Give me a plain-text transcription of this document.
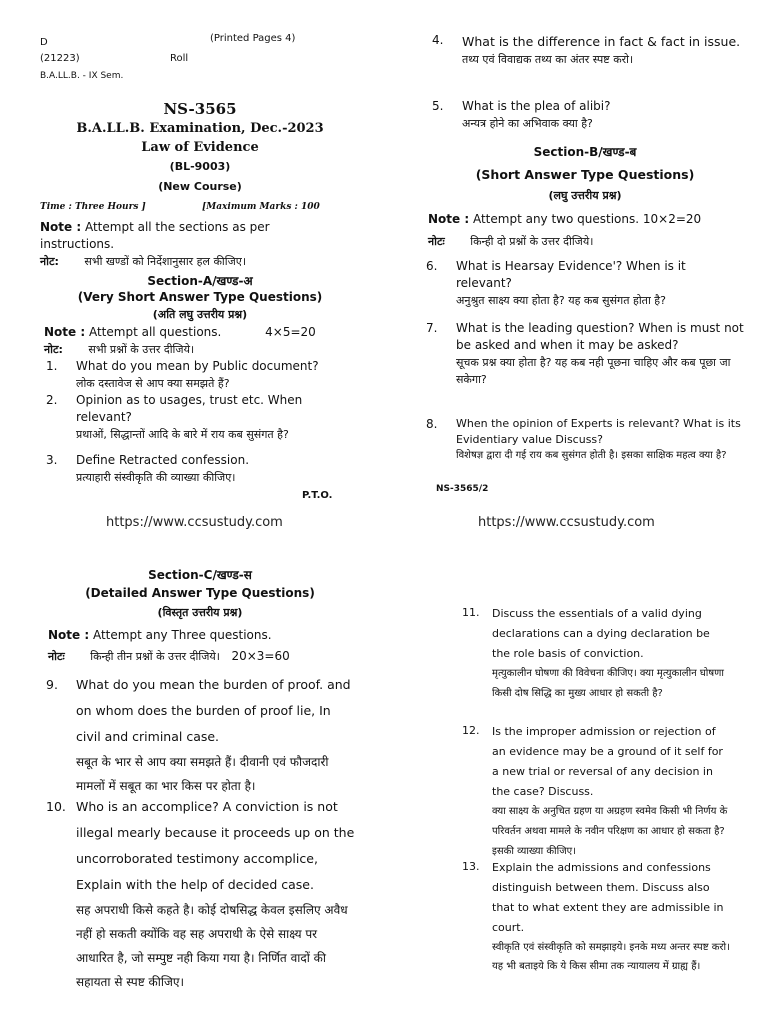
D	(Printed Pages 4)
(21223)	Roll
B.A.LL.B. - IX Sem.
NS-3565
B.A.LL.B. Examination, Dec.-2023
Law of Evidence
(BL-9003)
(New Course)
Time : Three Hours ]	[Maximum Marks : 100
Note : Attempt all the sections as per instructions.
नोट: सभी खण्डों को निर्देशानुसार हल कीजिए।
Section-A/खण्ड-अ
(Very Short Answer Type Questions)
(अति लघु उत्तरीय प्रश्न)
Note : Attempt all questions.	4×5=20
नोट: सभी प्रश्नों के उत्तर दीजिये।
1. What do you mean by Public document?
लोक दस्तावेज से आप क्या समझते हैं?
2. Opinion as to usages, trust etc. When relevant?
प्रथाओं, सिद्धान्तों आदि के बारे में राय कब सुसंगत है?
3. Define Retracted confession.
प्रत्याहारी संस्वीकृति की व्याख्या कीजिए।
P.T.O.
https://www.ccsustudy.com
4. What is the difference in fact & fact in issue.
तथ्य एवं विवाद्यक तथ्य का अंतर स्पष्ट करो।
5. What is the plea of alibi?
अन्यत्र होने का अभिवाक क्या है?
Section-B/खण्ड-ब
(Short Answer Type Questions)
(लघु उत्तरीय प्रश्न)
Note : Attempt any two questions. 10×2=20
नोटः किन्ही दो प्रश्नों के उत्तर दीजिये।
6. What is Hearsay Evidence'? When is it relevant?
अनुश्रुत साक्ष्य क्या होता है? यह कब सुसंगत होता है?
7. What is the leading question? When is must not be asked and when it may be asked?
सूचक प्रश्न क्या होता है? यह कब नही पूछना चाहिए और कब पूछा जा सकेगा?
8. When the opinion of Experts is relevant? What is its Evidentiary value Discuss?
विशेषज्ञ द्वारा दी गई राय कब सुसंगत होती है। इसका साक्षिक महत्व क्या है?
NS-3565/2
https://www.ccsustudy.com
Section-C/खण्ड-स
(Detailed Answer Type Questions)
(विस्तृत उत्तरीय प्रश्न)
Note : Attempt any Three questions.
नोटः किन्ही तीन प्रश्नों के उत्तर दीजिये। 20×3=60
9. What do you mean the burden of proof. and on whom does the burden of proof lie, In civil and criminal case.
सबूत के भार से आप क्या समझते हैं। दीवानी एवं फौजदारी मामलों में सबूत का भार किस पर होता है।
10. Who is an accomplice? A conviction is not illegal mearly because it proceeds up on the uncorroborated testimony accomplice, Explain with the help of decided case.
सह अपराधी किसे कहते है। कोई दोषसिद्ध केवल इसलिए अवैध नहीं हो सकती क्योंकि वह सह अपराधी के ऐसे साक्ष्य पर आधारित है, जो सम्पुष्ट नही किया गया है। निर्णित वादों की सहायता से स्पष्ट कीजिए।
11. Discuss the essentials of a valid dying declarations can a dying declaration be the role basis of conviction.
मृत्युकालीन घोषणा की विवेचना कीजिए। क्या मृत्युकालीन घोषणा किसी दोष सिद्धि का मुख्य आधार हो सकती है?
12. Is the improper admission or rejection of an evidence may be a ground of it self for a new trial or reversal of any decision in the case? Discuss.
क्या साक्ष्य के अनुचित ग्रहण या अग्रहण स्वमेव किसी भी निर्णय के परिवर्तन अथवा मामले के नवीन परिक्षण का आधार हो सकता है? इसकी व्याख्या कीजिए।
13. Explain the admissions and confessions distinguish between them. Discuss also that to what extent they are admissible in court.
स्वीकृति एवं संस्वीकृति को समझाइये। इनके मध्य अन्तर स्पष्ट करो। यह भी बताइये कि ये किस सीमा तक न्यायालय में ग्राह्य हैं।
